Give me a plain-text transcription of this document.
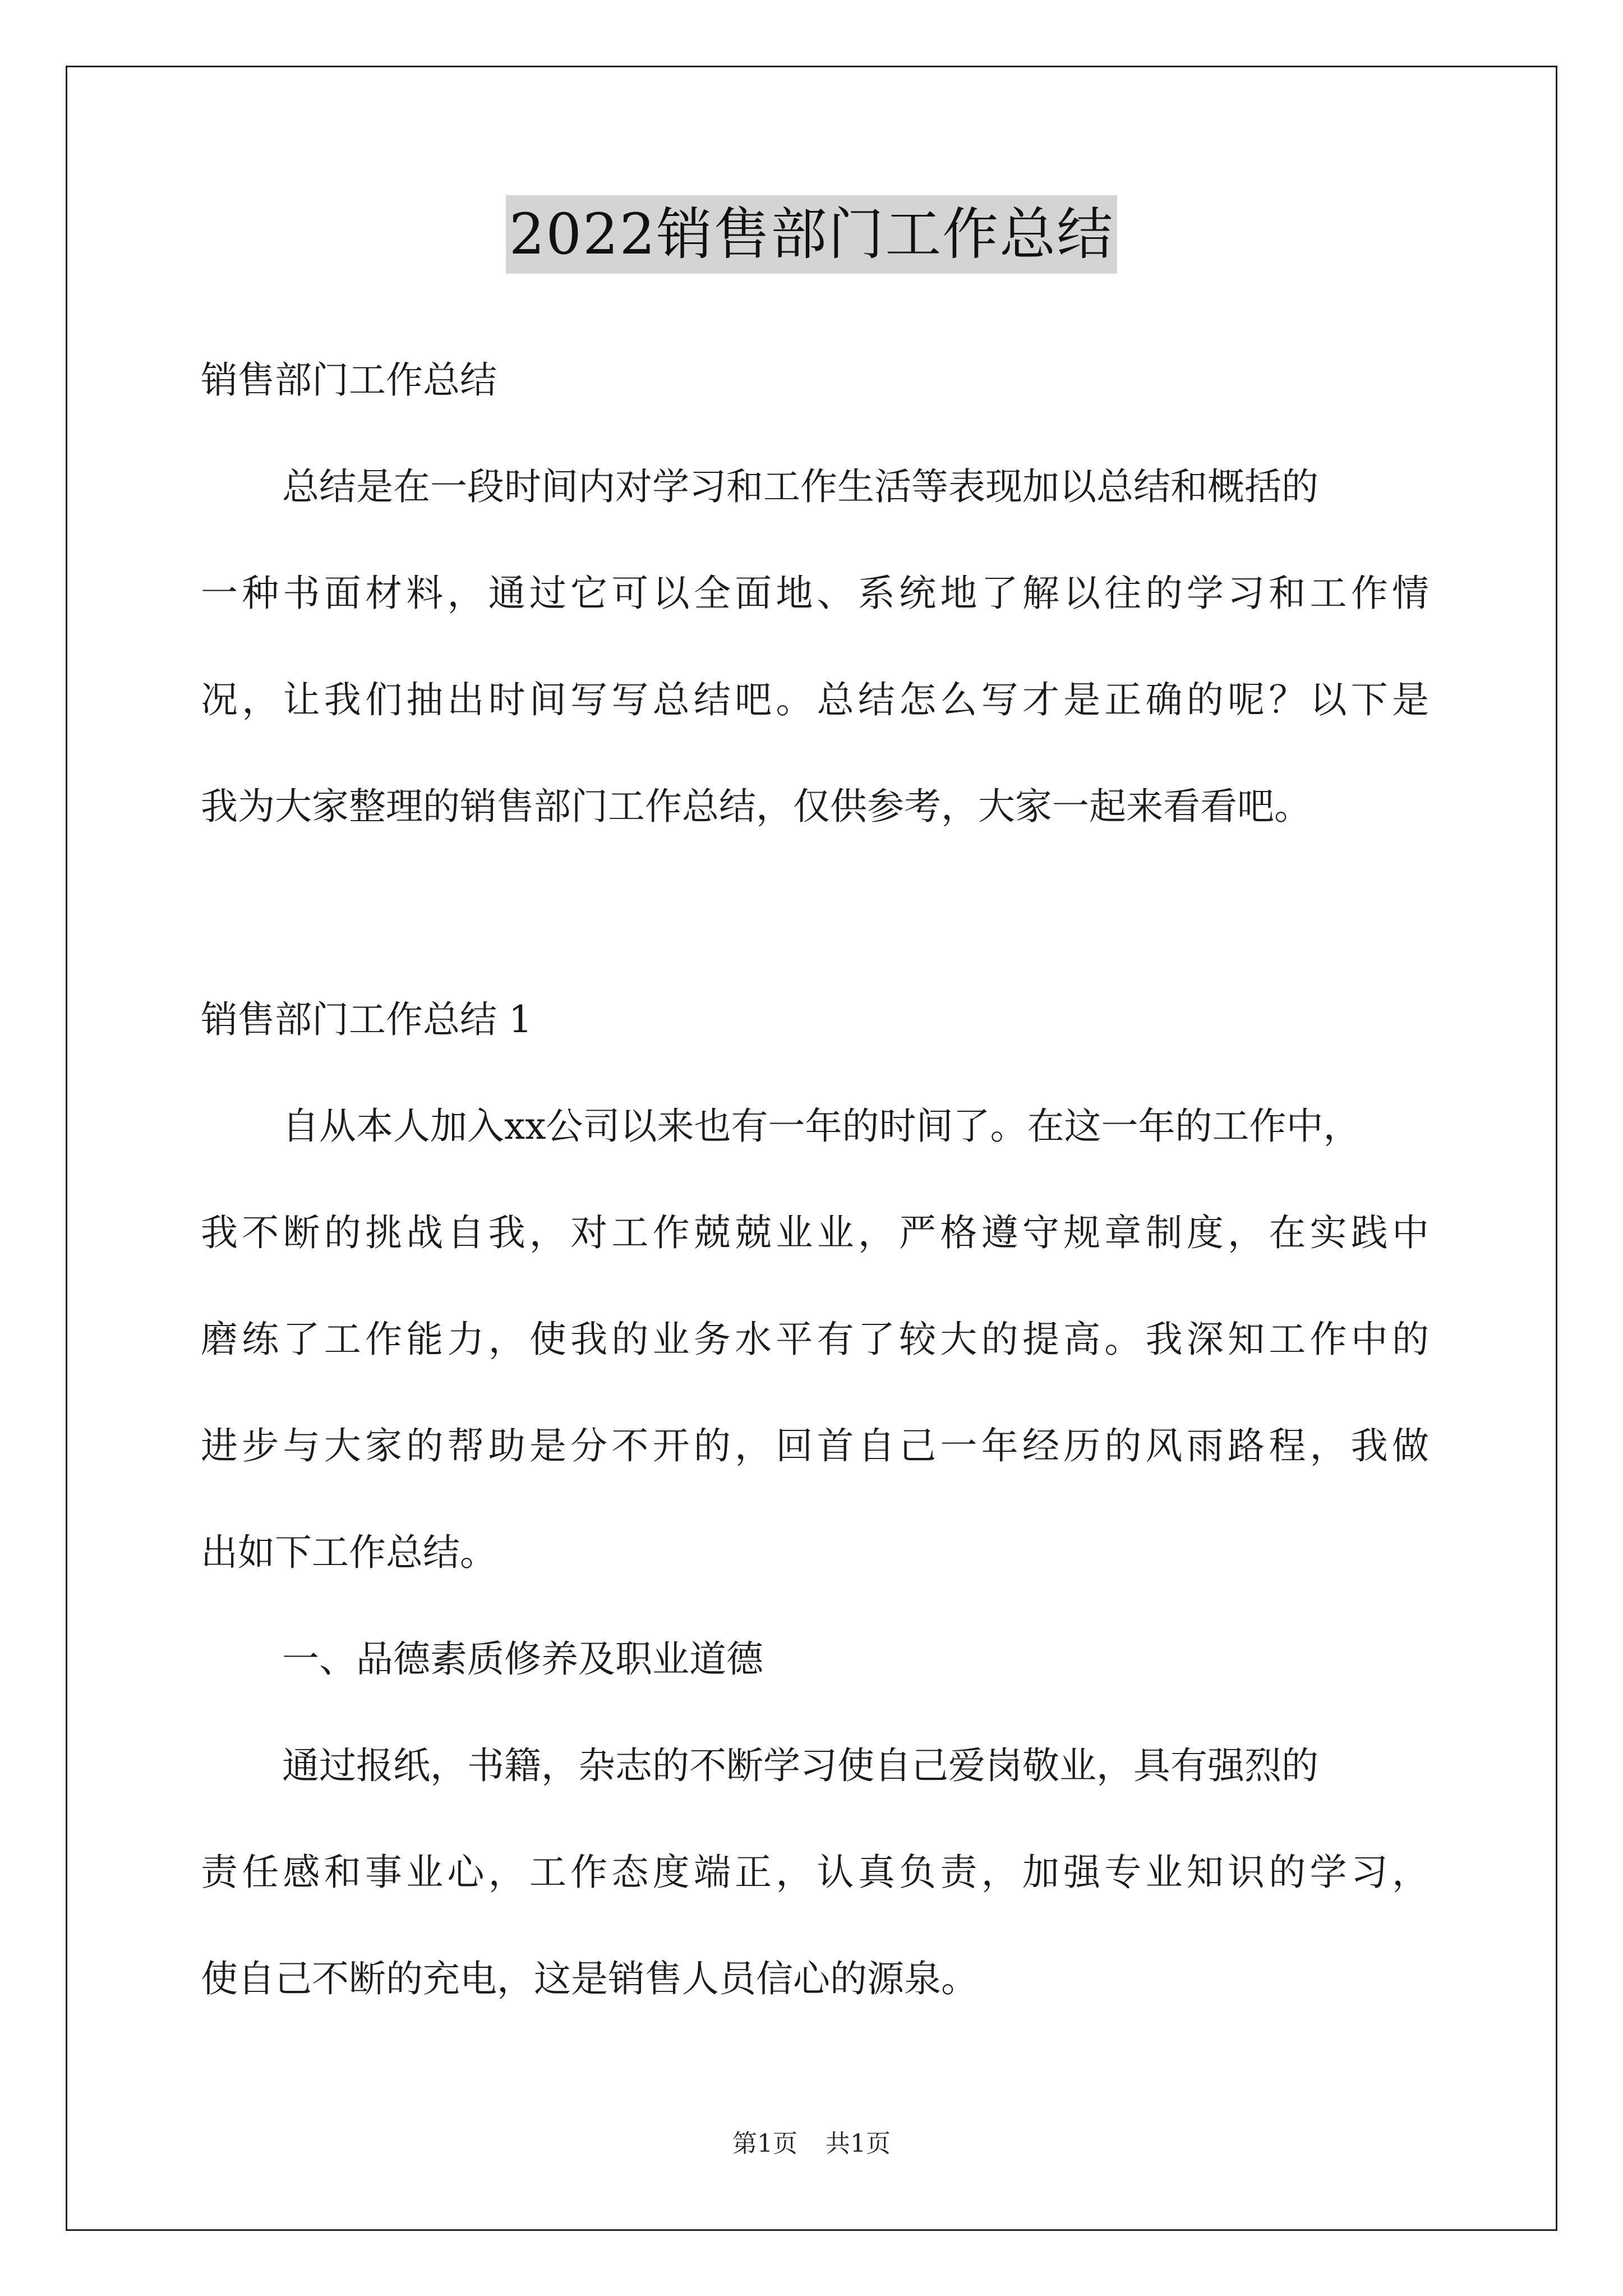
2022销售部门工作总结
销售部门工作总结
总结是在一段时间内对学习和工作生活等表现加以总结和概括的
一种书面材料，通过它可以全面地、系统地了解以往的学习和工作情
况，让我们抽出时间写写总结吧。总结怎么写才是正确的呢？以下是
我为大家整理的销售部门工作总结，仅供参考，大家一起来看看吧。
销售部门工作总结 1
自从本人加入xx公司以来也有一年的时间了。在这一年的工作中，
我不断的挑战自我，对工作兢兢业业，严格遵守规章制度，在实践中
磨练了工作能力，使我的业务水平有了较大的提高。我深知工作中的
进步与大家的帮助是分不开的，回首自己一年经历的风雨路程，我做
出如下工作总结。
一、品德素质修养及职业道德
通过报纸，书籍，杂志的不断学习使自己爱岗敬业，具有强烈的
责任感和事业心，工作态度端正，认真负责，加强专业知识的学习，
使自己不断的充电，这是销售人员信心的源泉。
第1页 共1页
